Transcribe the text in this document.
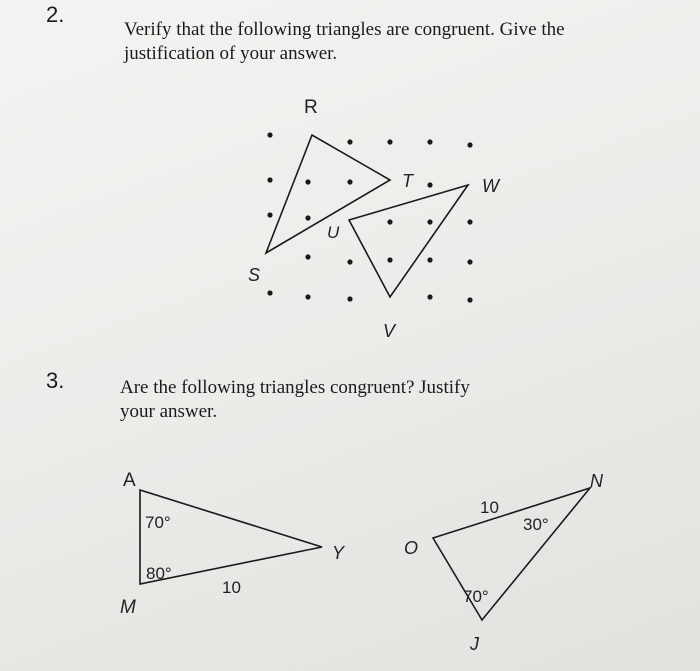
2.

Verify that the following triangles are congruent. Give the

justification of your answer.

R
T	W
U
S
V
3.	Are the following triangles congruent? Justify

your answer.

A
M
Y
70°
80°
10
O
N
J
10
30°
70°
